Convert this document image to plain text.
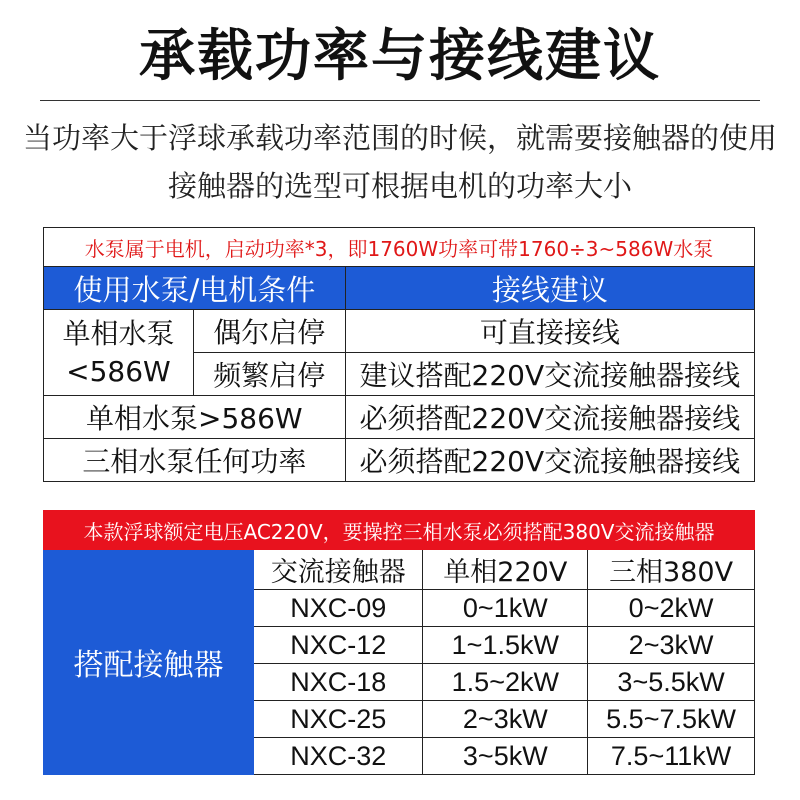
承载功率与接线建议
当功率大于浮球承载功率范围的时候，就需要接触器的使用
接触器的选型可根据电机的功率大小
水泵属于电机，启动功率*3，即1760W功率可带1760÷3~586W水泵		
使用水泵/电机条件		接线建议
单相水泵
<586W	偶尔启停	可直接接线
	频繁启停	建议搭配220V交流接触器接线
单相水泵>586W		必须搭配220V交流接触器接线
三相水泵任何功率		必须搭配220V交流接触器接线
本款浮球额定电压AC220V，要操控三相水泵必须搭配380V交流接触器			
搭配接触器	交流接触器	单相220V	三相380V
	NXC-09	0~1kW	0~2kW
	NXC-12	1~1.5kW	2~3kW
	NXC-18	1.5~2kW	3~5.5kW
	NXC-25	2~3kW	5.5~7.5kW
	NXC-32	3~5kW	7.5~11kW
